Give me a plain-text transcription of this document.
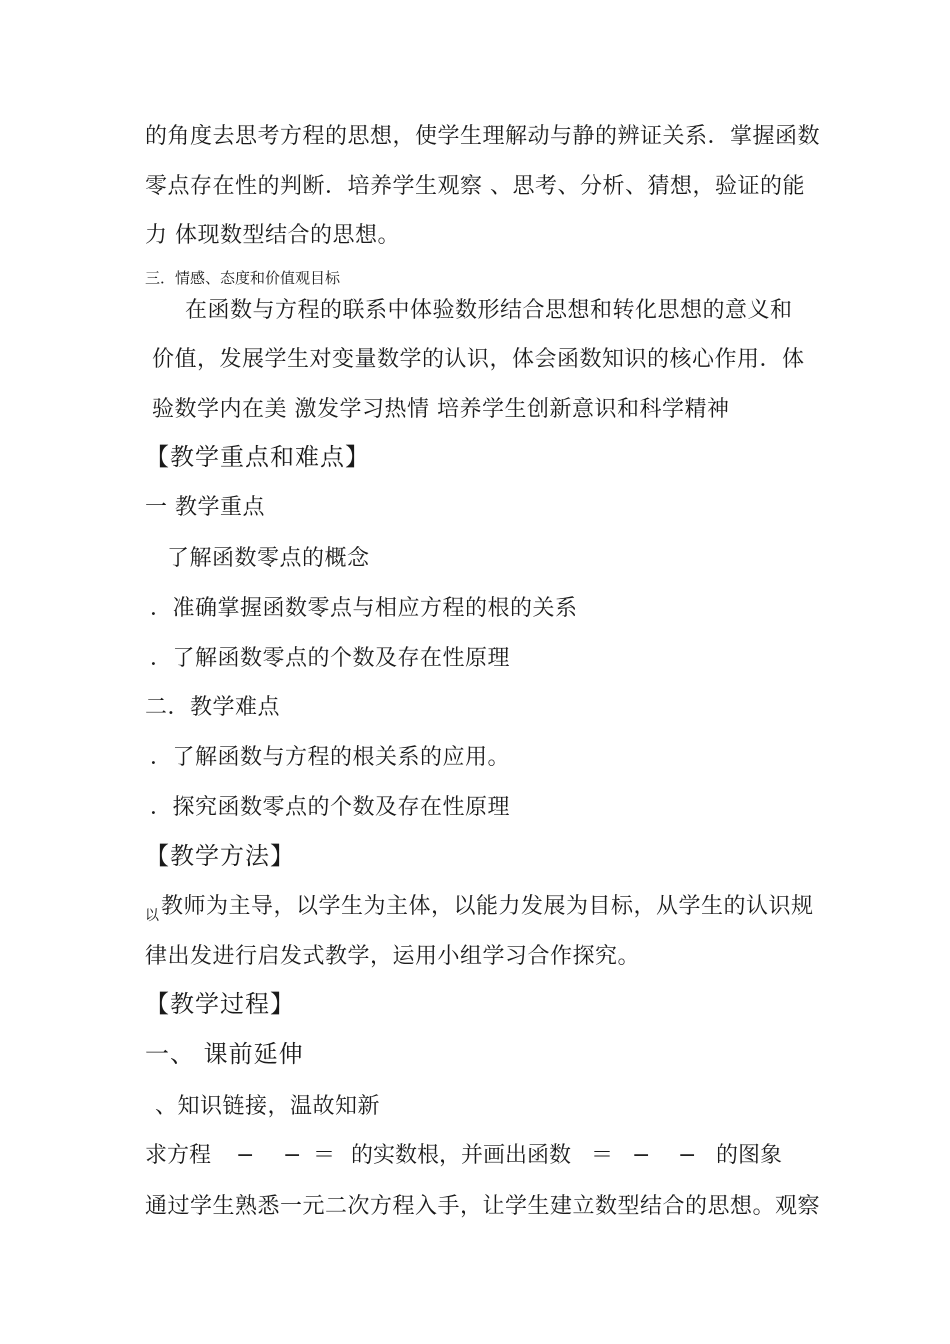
的角度去思考方程的思想，使学生理解动与静的辨证关系．掌握函数
零点存在性的判断．培养学生观察 、思考、分析、猜想，验证的能
力 体现数型结合的思想。
三．情感、态度和价值观目标
在函数与方程的联系中体验数形结合思想和转化思想的意义和
价值，发展学生对变量数学的认识，体会函数知识的核心作用．体
验数学内在美 激发学习热情 培养学生创新意识和科学精神
【教学重点和难点】
一 教学重点
了解函数零点的概念
．准确掌握函数零点与相应方程的根的关系
．了解函数零点的个数及存在性原理
二．教学难点
．了解函数与方程的根关系的应用。
．探究函数零点的个数及存在性原理
【教学方法】
以 教师为主导，以学生为主体，以能力发展为目标，从学生的认识规
律出发进行启发式教学，运用小组学习合作探究。
【教学过程】
一、 课前延伸
、知识链接，温故知新
求方程 − − ＝ 的实数根，并画出函数 ＝ − − 的图象
通过学生熟悉一元二次方程入手，让学生建立数型结合的思想。观察
